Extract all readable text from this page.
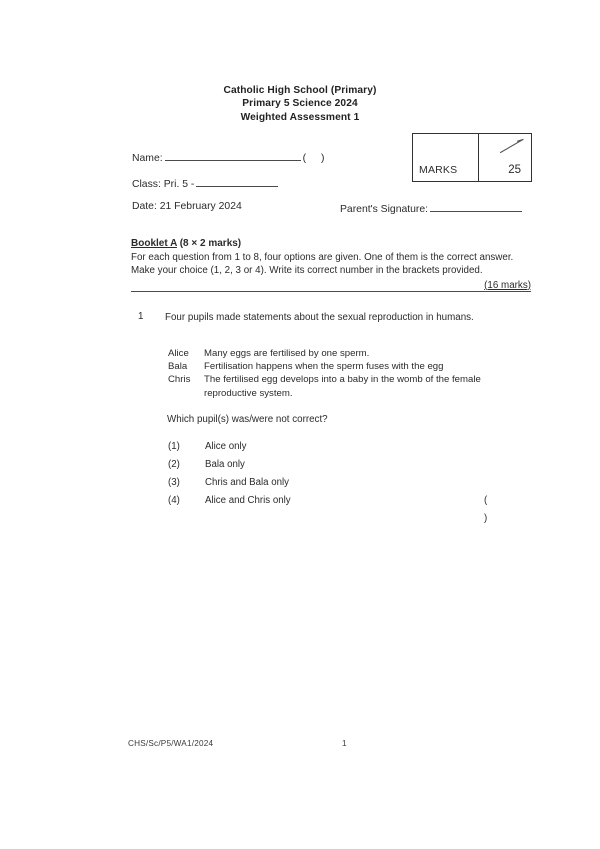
Catholic High School (Primary)
Primary 5 Science 2024
Weighted Assessment 1
MARKS	25
Name:	( )
Class: Pri. 5 -
Date: 21 February 2024	Parent's Signature:
Booklet A (8 × 2 marks)
For each question from 1 to 8, four options are given. One of them is the correct answer.
Make your choice (1, 2, 3 or 4). Write its correct number in the brackets provided.
(16 marks)
1 Four pupils made statements about the sexual reproduction in humans.
Alice	Many eggs are fertilised by one sperm.
Bala	Fertilisation happens when the sperm fuses with the egg
Chris	The fertilised egg develops into a baby in the womb of the female reproductive system.
Which pupil(s) was/were not correct?
(1)	Alice only
(2)	Bala only
(3)	Chris and Bala only
(4)	Alice and Chris only	( )
CHS/Sc/P5/WA1/2024	1
